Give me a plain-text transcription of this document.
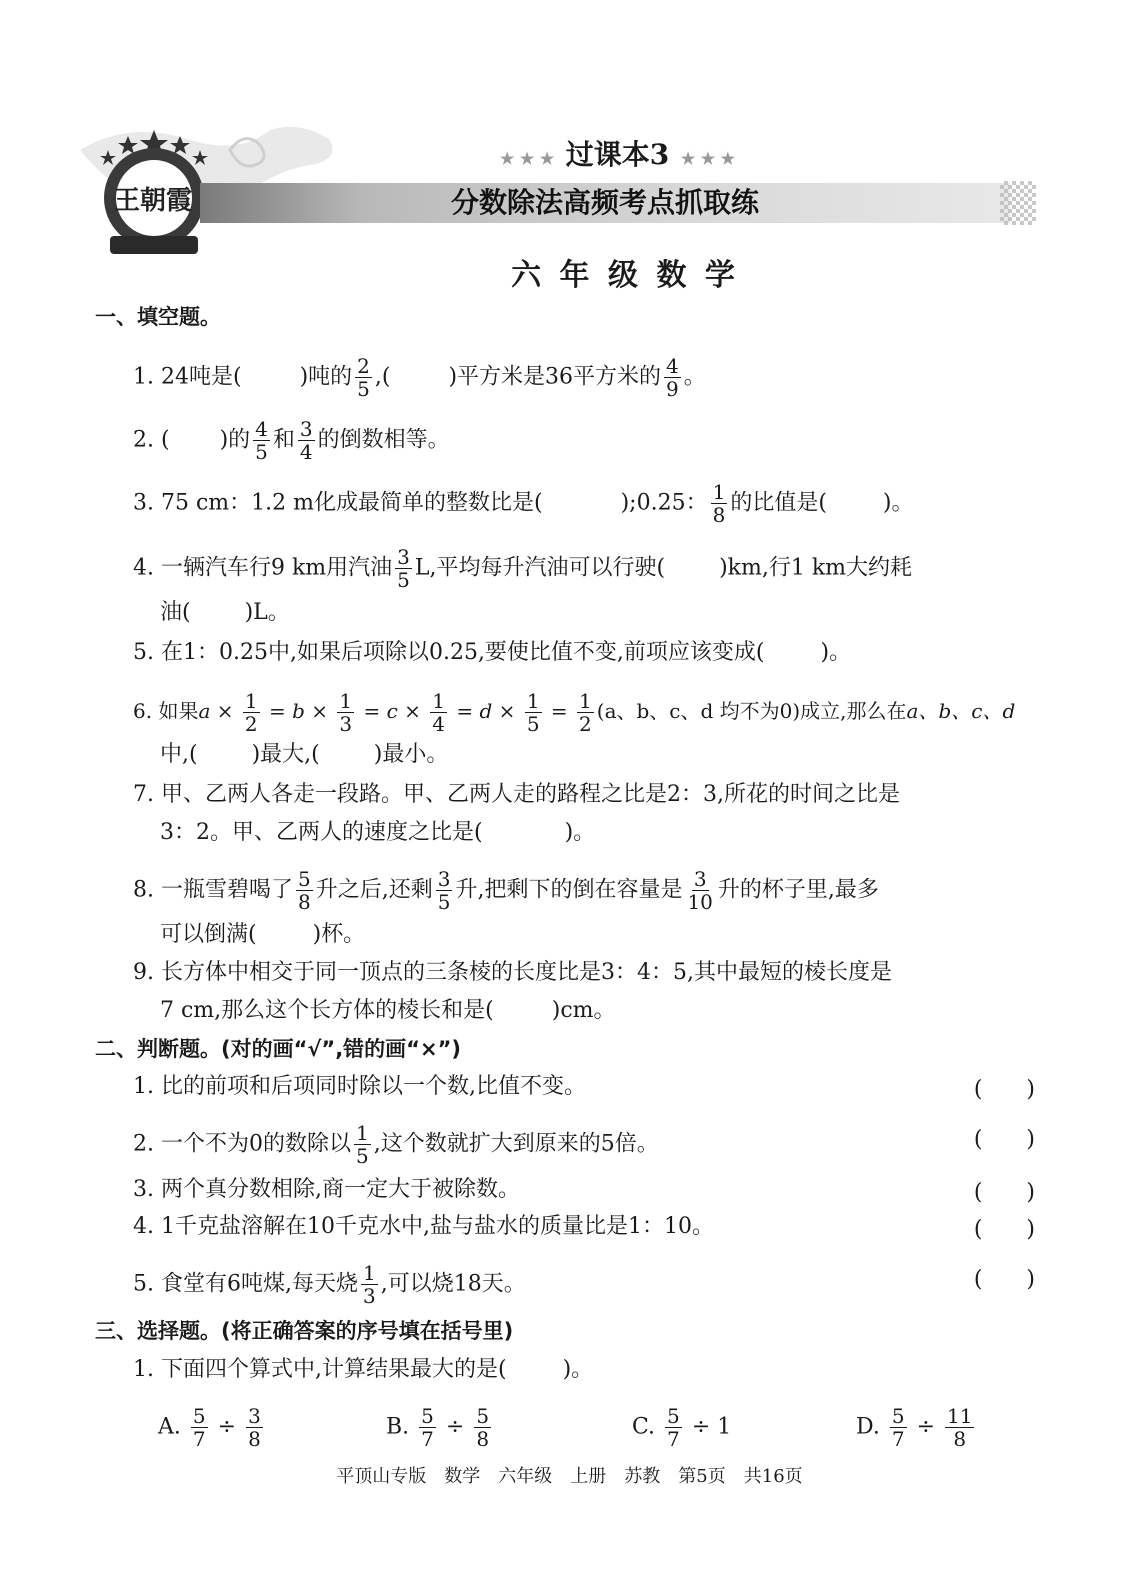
王朝霞
★ ★ ★ 过课本3 ★ ★ ★
分数除法高频考点抓取练
六 年 级 数 学
一、填空题。
1. 24吨是(	)吨的 $\frac{2}{5}$ ,(	)平方米是36平方米的 $\frac{4}{9}$ 。
2. ( )的 $\frac{4}{5}$ 和 $\frac{3}{4}$ 的倒数相等。
3. 75 cm：1.2 m化成最简单的整数比是(	);0.25： $\frac{1}{8}$ 的比值是(	)。
4. 一辆汽车行9 km用汽油 $\frac{3}{5} L$,平均每升汽油可以行驶( )km,行1 km大约耗
油( )L。
5. 在1：0.25中,如果后项除以0.25,要使比值不变,前项应该变成(	)。
6. 如果$a \times \frac{1}{2} = b \times \frac{1}{3} = c \times \frac{1}{4} = d \times \frac{1}{5} = \frac{1}{2} (a$、b、c、d 均不为0)成立,那么在a、b、c、d
中,( )最大,( )最小。
7. 甲、乙两人各走一段路。甲、乙两人走的路程之比是2：3,所花的时间之比是
3：2。甲、乙两人的速度之比是(	)。
8. 一瓶雪碧喝了 $\frac{5}{8}$ 升之后,还剩 $\frac{3}{5}$ 升,把剩下的倒在容量是 $\frac{3}{10}$ 升的杯子里,最多
可以倒满(	)杯。
9. 长方体中相交于同一顶点的三条棱的长度比是3：4：5,其中最短的棱长度是
7 cm,那么这个长方体的棱长和是(	)cm。
二、判断题。(对的画“√”,错的画“×”)
1. 比的前项和后项同时除以一个数,比值不变。	(　　)
2. 一个不为0的数除以 $\frac{1}{5}$ ,这个数就扩大到原来的5倍。	(　　)
3. 两个真分数相除,商一定大于被除数。	(　　)
4. 1千克盐溶解在10千克水中,盐与盐水的质量比是1：10。	(　　)
5. 食堂有6吨煤,每天烧 $\frac{1}{3}$ ,可以烧18天。	(　　)
三、选择题。(将正确答案的序号填在括号里)
1. 下面四个算式中,计算结果最大的是(	)。
A. $\frac{5}{7} \div \frac{3}{8}$	B. $\frac{5}{7} \div \frac{5}{8}$	C. $\frac{5}{7} \div 1$	D. $\frac{5}{7} \div \frac{11}{8}$
平顶山专版　数学　六年级　上册　苏教　第5页　共16页
